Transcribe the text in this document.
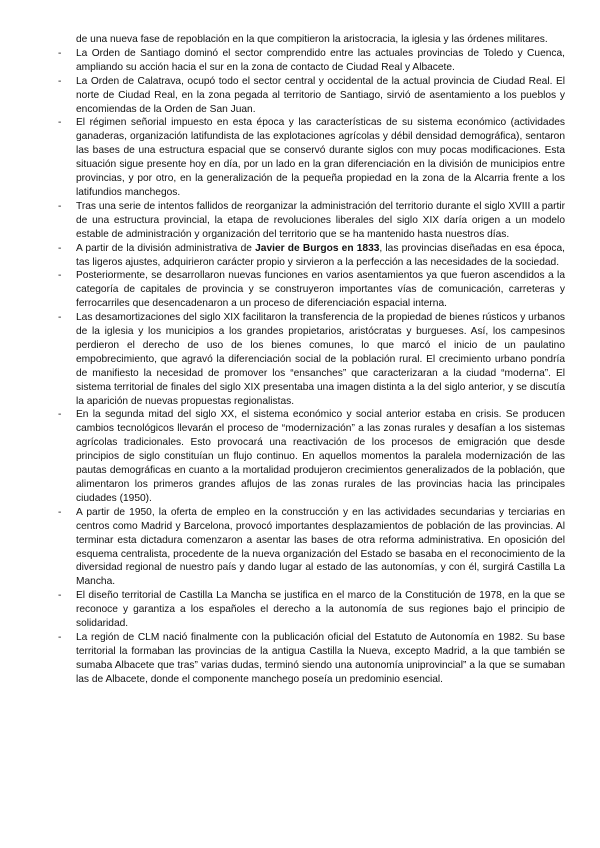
de una nueva fase de repoblación en la que compitieron la aristocracia, la iglesia y las órdenes militares.

- La Orden de Santiago dominó el sector comprendido entre las actuales provincias de Toledo y Cuenca, ampliando su acción hacia el sur en la zona de contacto de Ciudad Real y Albacete.

- La Orden de Calatrava, ocupó todo el sector central y occidental de la actual provincia de Ciudad Real. El norte de Ciudad Real, en la zona pegada al territorio de Santiago, sirvió de asentamiento a los pueblos y encomiendas de la Orden de San Juan.

- El régimen señorial impuesto en esta época y las características de su sistema económico (actividades ganaderas, organización latifundista de las explotaciones agrícolas y débil densidad demográfica), sentaron las bases de una estructura espacial que se conservó durante siglos con muy pocas modificaciones. Esta situación sigue presente hoy en día, por un lado en la gran diferenciación en la división de municipios entre provincias, y por otro, en la generalización de la pequeña propiedad en la zona de la Alcarria frente a los latifundios manchegos.

- Tras una serie de intentos fallidos de reorganizar la administración del territorio durante el siglo XVIII a partir de una estructura provincial, la etapa de revoluciones liberales del siglo XIX daría origen a un modelo estable de administración y organización del territorio que se ha mantenido hasta nuestros días.

- A partir de la división administrativa de Javier de Burgos en 1833, las provincias diseñadas en esa época, tas ligeros ajustes, adquirieron carácter propio y sirvieron a la perfección a las necesidades de la sociedad.

- Posteriormente, se desarrollaron nuevas funciones en varios asentamientos ya que fueron ascendidos a la categoría de capitales de provincia y se construyeron importantes vías de comunicación, carreteras y ferrocarriles que desencadenaron a un proceso de diferenciación espacial interna.

- Las desamortizaciones del siglo XIX facilitaron la transferencia de la propiedad de bienes rústicos y urbanos de la iglesia y los municipios a los grandes propietarios, aristócratas y burgueses. Así, los campesinos perdieron el derecho de uso de los bienes comunes, lo que marcó el inicio de un paulatino empobrecimiento, que agravó la diferenciación social de la población rural. El crecimiento urbano pondría de manifiesto la necesidad de promover los “ensanches” que caracterizaran a la ciudad “moderna”. El sistema territorial de finales del siglo XIX presentaba una imagen distinta a la del siglo anterior, y se discutía la aparición de nuevas propuestas regionalistas.

- En la segunda mitad del siglo XX, el sistema económico y social anterior estaba en crisis. Se producen cambios tecnológicos llevarán el proceso de “modernización” a las zonas rurales y desafían a los sistemas agrícolas tradicionales. Esto provocará una reactivación de los procesos de emigración que desde principios de siglo constituían un flujo continuo. En aquellos momentos la paralela modernización de las pautas demográficas en cuanto a la mortalidad produjeron crecimientos generalizados de la población, que alimentaron los primeros grandes aflujos de las zonas rurales de las provincias hacia las principales ciudades (1950).

- A partir de 1950, la oferta de empleo en la construcción y en las actividades secundarias y terciarias en centros como Madrid y Barcelona, provocó importantes desplazamientos de población de las provincias. Al terminar esta dictadura comenzaron a asentar las bases de otra reforma administrativa. En oposición del esquema centralista, procedente de la nueva organización del Estado se basaba en el reconocimiento de la diversidad regional de nuestro país y dando lugar al estado de las autonomías, y con él, surgirá Castilla La Mancha.

- El diseño territorial de Castilla La Mancha se justifica en el marco de la Constitución de 1978, en la que se reconoce y garantiza a los españoles el derecho a la autonomía de sus regiones bajo el principio de solidaridad.

- La región de CLM nació finalmente con la publicación oficial del Estatuto de Autonomía en 1982. Su base territorial la formaban las provincias de la antigua Castilla la Nueva, excepto Madrid, a la que también se sumaba Albacete que tras” varias dudas, terminó siendo una autonomía uniprovincial” a la que se sumaban las de Albacete, donde el componente manchego poseía un predominio esencial.
